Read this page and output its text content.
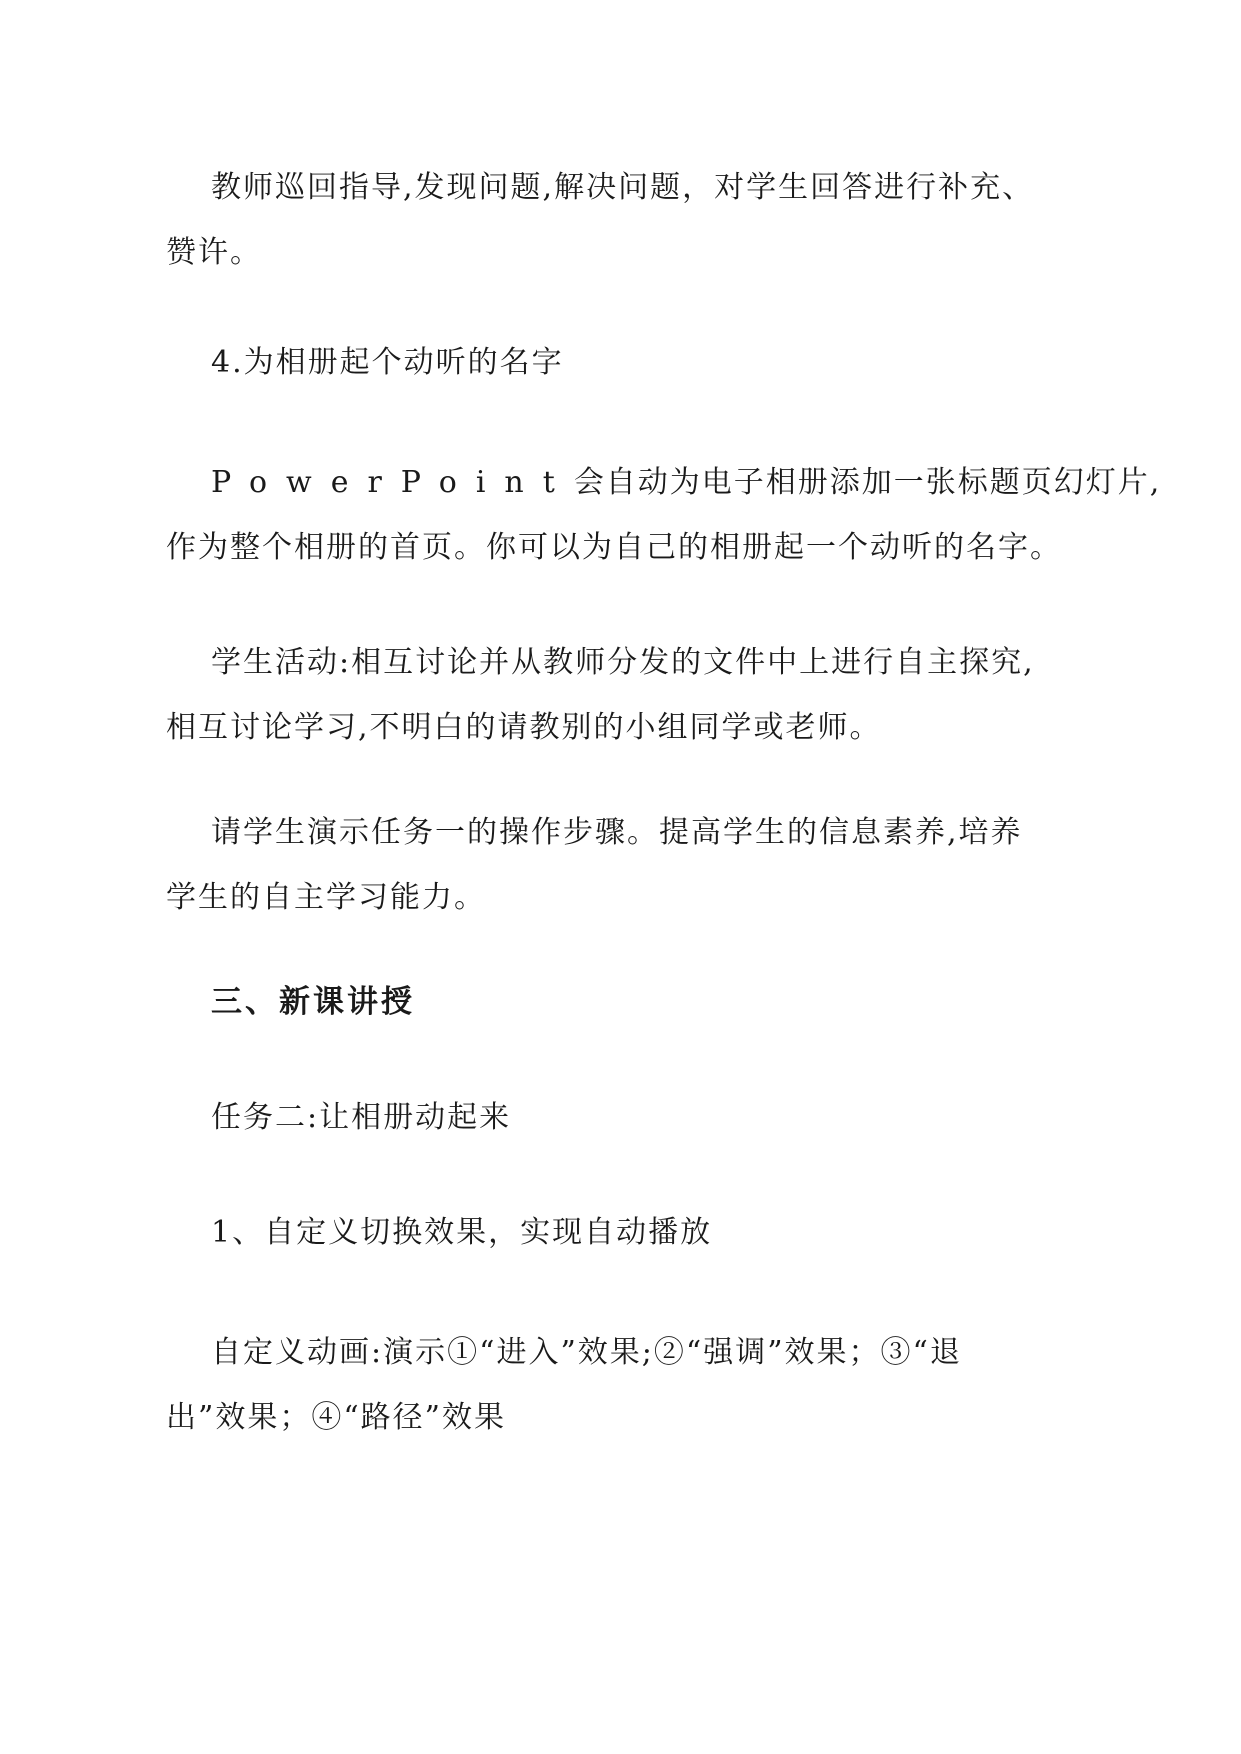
教师巡回指导,发现问题,解决问题，对学生回答进行补充、
赞许。

4.为相册起个动听的名字

PowerPoint会自动为电子相册添加一张标题页幻灯片,
作为整个相册的首页。你可以为自己的相册起一个动听的名字。

学生活动:相互讨论并从教师分发的文件中上进行自主探究,
相互讨论学习,不明白的请教别的小组同学或老师。

请学生演示任务一的操作步骤。提高学生的信息素养,培养
学生的自主学习能力。

三、新课讲授

任务二:让相册动起来

1、自定义切换效果，实现自动播放

自定义动画:演示①“进入”效果;②“强调”效果；③“退
出”效果；④“路径”效果
